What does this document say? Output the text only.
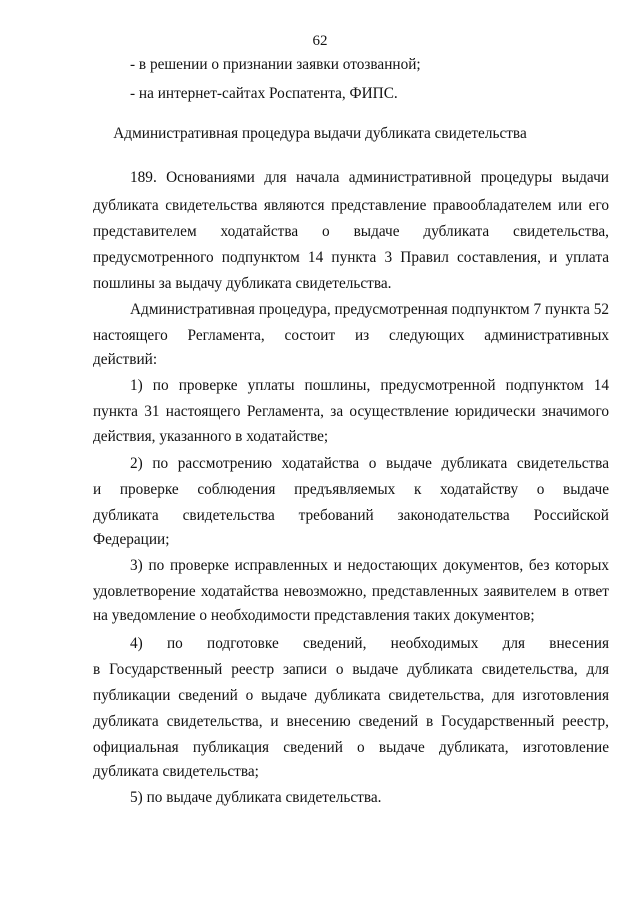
62
- в решении о признании заявки отозванной;
- на интернет-сайтах Роспатента, ФИПС.
Административная процедура выдачи дубликата свидетельства
189. Основаниями для начала административной процедуры выдачи
дубликата свидетельства являются представление правообладателем или его
представителем ходатайства о выдаче дубликата свидетельства,
предусмотренного подпунктом 14 пункта 3 Правил составления, и уплата
пошлины за выдачу дубликата свидетельства.
Административная процедура, предусмотренная подпунктом 7 пункта 52
настоящего Регламента, состоит из следующих административных
действий:
1) по проверке уплаты пошлины, предусмотренной подпунктом 14
пункта 31 настоящего Регламента, за осуществление юридически значимого
действия, указанного в ходатайстве;
2) по рассмотрению ходатайства о выдаче дубликата свидетельства
и проверке соблюдения предъявляемых к ходатайству о выдаче
дубликата свидетельства требований законодательства Российской
Федерации;
3) по проверке исправленных и недостающих документов, без которых
удовлетворение ходатайства невозможно, представленных заявителем в ответ
на уведомление о необходимости представления таких документов;
4) по подготовке сведений, необходимых для внесения
в Государственный реестр записи о выдаче дубликата свидетельства, для
публикации сведений о выдаче дубликата свидетельства, для изготовления
дубликата свидетельства, и внесению сведений в Государственный реестр,
официальная публикация сведений о выдаче дубликата, изготовление
дубликата свидетельства;
5) по выдаче дубликата свидетельства.
